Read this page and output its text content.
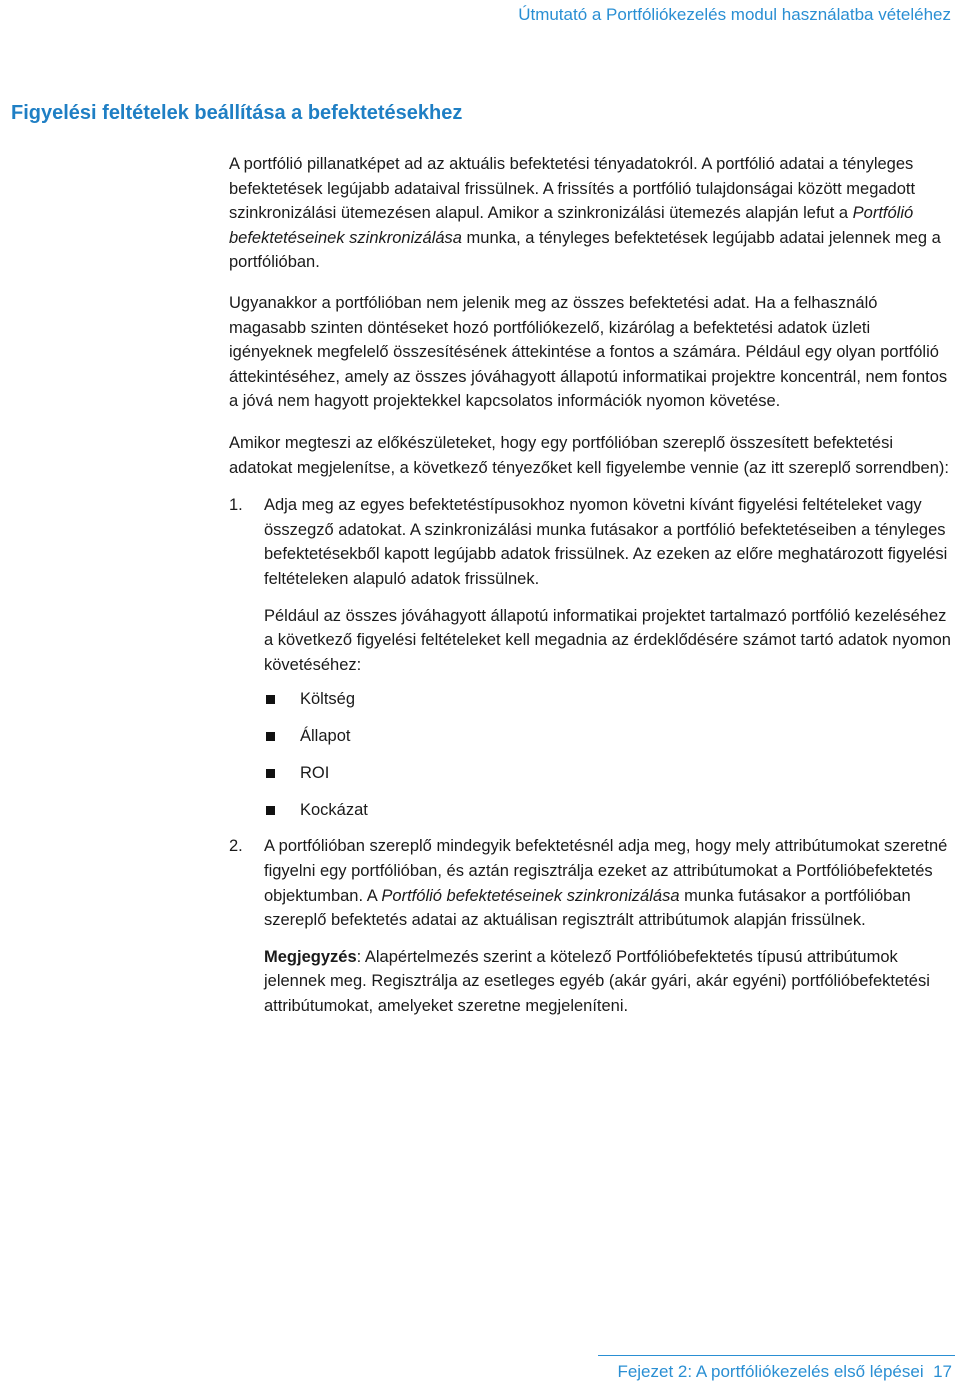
Útmutató a Portfóliókezelés modul használatba vételéhez
Figyelési feltételek beállítása a befektetésekhez

A portfólió pillanatképet ad az aktuális befektetési tényadatokról. A portfólió adatai a tényleges befektetések legújabb adataival frissülnek. A frissítés a portfólió tulajdonságai között megadott szinkronizálási ütemezésen alapul. Amikor a szinkronizálási ütemezés alapján lefut a Portfólió befektetéseinek szinkronizálása munka, a tényleges befektetések legújabb adatai jelennek meg a portfólióban.

Ugyanakkor a portfólióban nem jelenik meg az összes befektetési adat. Ha a felhasználó magasabb szinten döntéseket hozó portfóliókezelő, kizárólag a befektetési adatok üzleti igényeknek megfelelő összesítésének áttekintése a fontos a számára. Például egy olyan portfólió áttekintéséhez, amely az összes jóváhagyott állapotú informatikai projektre koncentrál, nem fontos a jóvá nem hagyott projektekkel kapcsolatos információk nyomon követése.

Amikor megteszi az előkészületeket, hogy egy portfólióban szereplő összesített befektetési adatokat megjelenítse, a következő tényezőket kell figyelembe vennie (az itt szereplő sorrendben):

1. Adja meg az egyes befektetéstípusokhoz nyomon követni kívánt figyelési feltételeket vagy összegző adatokat. A szinkronizálási munka futásakor a portfólió befektetéseiben a tényleges befektetésekből kapott legújabb adatok frissülnek. Az ezeken az előre meghatározott figyelési feltételeken alapuló adatok frissülnek.

Például az összes jóváhagyott állapotú informatikai projektet tartalmazó portfólió kezeléséhez a következő figyelési feltételeket kell megadnia az érdeklődésére számot tartó adatok nyomon követéséhez:

Költség
Állapot
ROI
Kockázat
2. A portfólióban szereplő mindegyik befektetésnél adja meg, hogy mely attribútumokat szeretné figyelni egy portfólióban, és aztán regisztrálja ezeket az attribútumokat a Portfólióbefektetés objektumban. A Portfólió befektetéseinek szinkronizálása munka futásakor a portfólióban szereplő befektetés adatai az aktuálisan regisztrált attribútumok alapján frissülnek.

Megjegyzés: Alapértelmezés szerint a kötelező Portfólióbefektetés típusú attribútumok jelennek meg. Regisztrálja az esetleges egyéb (akár gyári, akár egyéni) portfólióbefektetési attribútumokat, amelyeket szeretne megjeleníteni.

Fejezet 2: A portfóliókezelés első lépései 17
